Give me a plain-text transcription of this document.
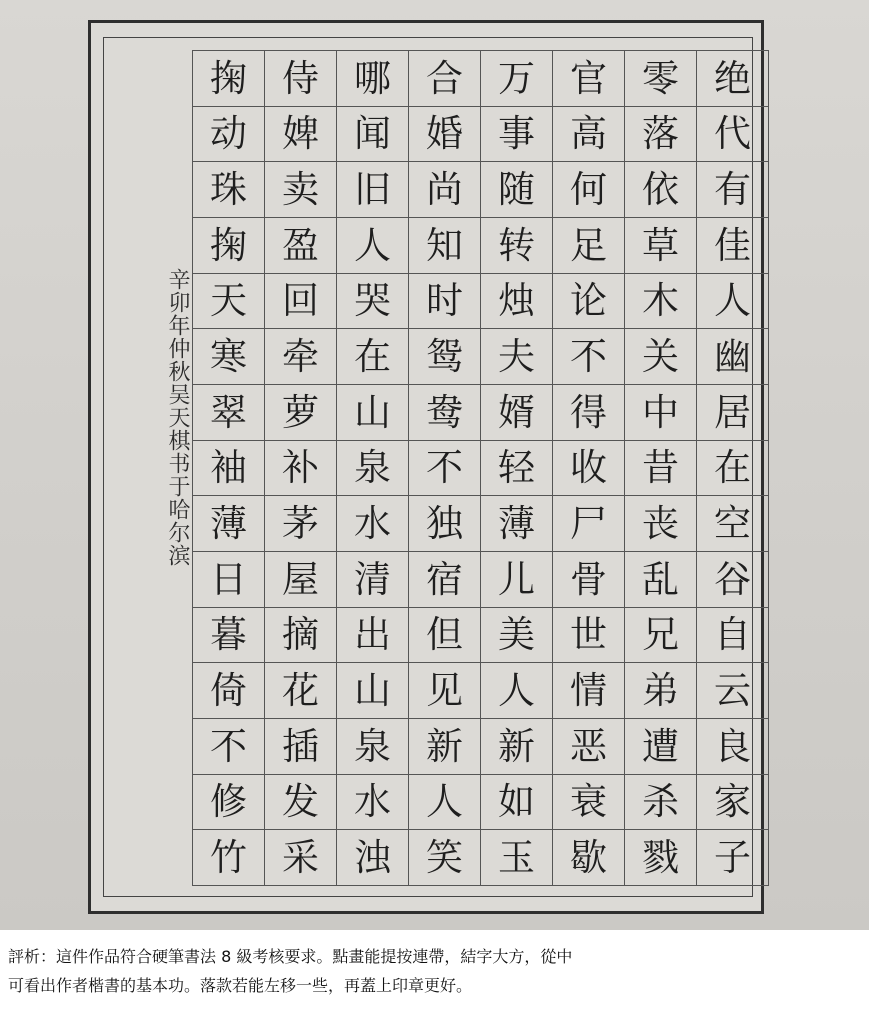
辛卯年仲秋吴天棋书于哈尔滨
掬 侍 哪 合 万 官 零 绝
动 婢 闻 婚 事 高 落 代
珠 卖 旧 尚 随 何 依 有
掬 盈 人 知 转 足 草 佳
天 回 哭 时 烛 论 木 人
寒 牵 在 鸳 夫 不 关 幽
翠 萝 山 鸯 婿 得 中 居
袖 补 泉 不 轻 收 昔 在
薄 茅 水 独 薄 尸 丧 空
日 屋 清 宿 儿 骨 乱 谷
暮 摘 出 但 美 世 兄 自
倚 花 山 见 人 情 弟 云
不 插 泉 新 新 恶 遭 良
修 发 水 人 如 衰 杀 家
竹 采 浊 笑 玉 歇 戮 子

評析：這件作品符合硬筆書法 8 級考核要求。點畫能提按連帶，結字大方，從中

可看出作者楷書的基本功。落款若能左移一些，再蓋上印章更好。
